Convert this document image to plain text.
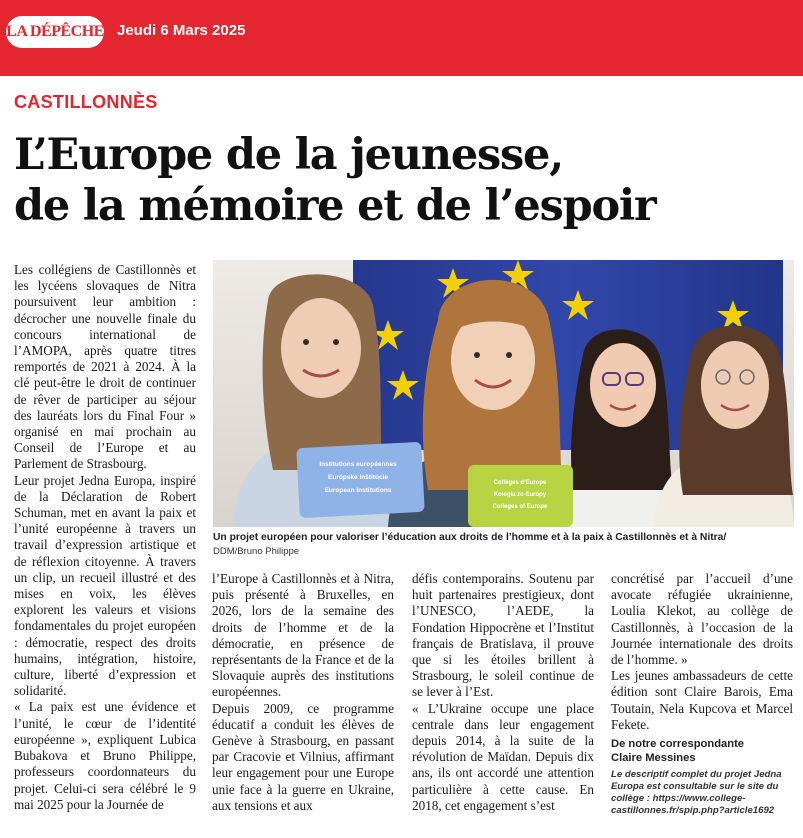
LA DÉPÊCHE Jeudi 6 Mars 2025
CASTILLONNÈS
L’Europe de la jeunesse,
de la mémoire et de l’espoir

Les collégiens de Castillonnès et les lycéens slovaques de Nitra poursuivent leur ambition : décrocher une nouvelle finale du concours international de l’AMOPA, après quatre titres remportés de 2021 à 2024. À la clé peut-être le droit de continuer de rêver de participer au séjour des lauréats lors du Final Four » organisé en mai prochain au Conseil de l’Europe et au Parlement de Strasbourg.

Leur projet Jedna Europa, inspiré de la Déclaration de Robert Schuman, met en avant la paix et l’unité européenne à travers un travail d’expression artistique et de réflexion citoyenne. À travers un clip, un recueil illustré et des mises en voix, les élèves explorent les valeurs et visions fondamentales du projet européen : démocratie, respect des droits humains, intégration, histoire, culture, liberté d’expression et solidarité.

« La paix est une évidence et l’unité, le cœur de l’identité européenne », expliquent Lubica Bubakova et Bruno Philippe, professeurs coordonnateurs du projet. Celui-ci sera célébré le 9 mai 2025 pour la Journée de

Institutions européennes
Európske inštitúcie
European Institutions
Collèges d’Europe
Kolégia zo Európy
Colleges of Europe
Un projet européen pour valoriser l’éducation aux droits de l’homme et à la paix à Castillonnès et à Nitra/
DDM/Bruno Philippe

l’Europe à Castillonnès et à Nitra, puis présenté à Bruxelles, en 2026, lors de la semaine des droits de l’homme et de la démocratie, en présence de représentants de la France et de la Slovaquie auprès des institutions européennes.

Depuis 2009, ce programme éducatif a conduit les élèves de Genève à Strasbourg, en passant par Cracovie et Vilnius, affirmant leur engagement pour une Europe unie face à la guerre en Ukraine, aux tensions et aux

défis contemporains. Soutenu par huit partenaires prestigieux, dont l’UNESCO, l’AEDE, la Fondation Hippocrène et l’Institut français de Bratislava, il prouve que si les étoiles brillent à Strasbourg, le soleil continue de se lever à l’Est.

« L’Ukraine occupe une place centrale dans leur engagement depuis 2014, à la suite de la révolution de Maïdan. Depuis dix ans, ils ont accordé une attention particulière à cette cause. En 2018, cet engagement s’est

concrétisé par l’accueil d’une avocate réfugiée ukrainienne, Loulia Klekot, au collège de Castillonnès, à l’occasion de la Journée internationale des droits de l’homme. »

Les jeunes ambassadeurs de cette édition sont Claire Barois, Ema Toutain, Nela Kupcova et Marcel Fekete.

De notre correspondante
Claire Messines
Le descriptif complet du projet Jedna Europa est consultable sur le site du collège : https://www.college-castillonnes.fr/spip.php?article1692
